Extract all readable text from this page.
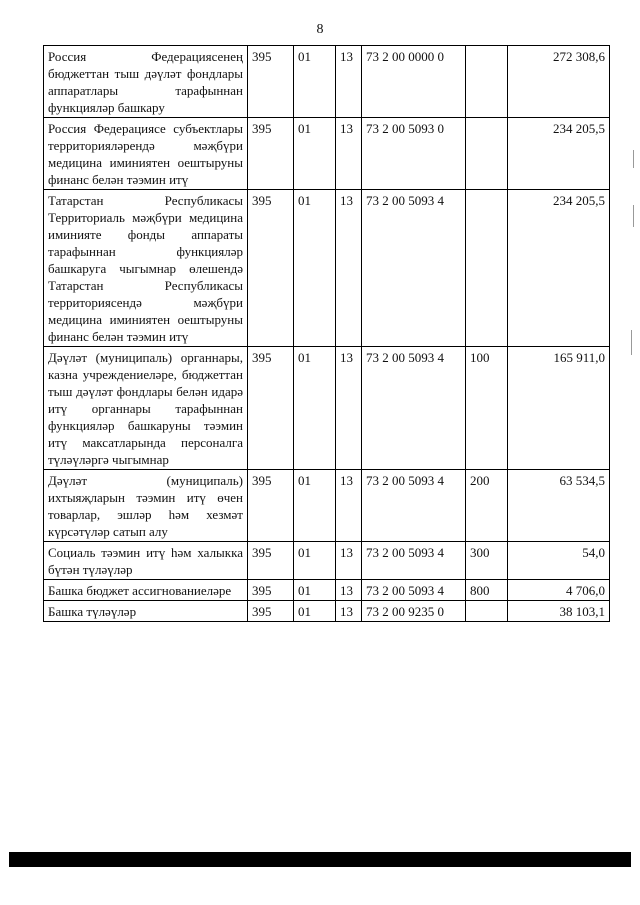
8
Россия Федерациясенең бюджеттан тыш дәүләт фондлары аппаратлары тарафыннан функцияләр башкару	395	01	13	73 2 00 0000 0		272 308,6
Россия Федерациясе субъектлары территорияләрендә мәҗбүри медицина иминиятен оештыруны финанс белән тәэмин итү	395	01	13	73 2 00 5093 0		234 205,5
Татарстан Республикасы Территориаль мәҗбүри медицина иминияте фонды аппараты тарафыннан функцияләр башкаруга чыгымнар өлешендә Татарстан Республикасы территориясендә мәҗбүри медицина иминиятен оештыруны финанс белән тәэмин итү	395	01	13	73 2 00 5093 4		234 205,5
Дәүләт (муниципаль) органнары, казна учреждениеләре, бюджеттан тыш дәүләт фондлары белән идарә итү органнары тарафыннан функцияләр башкаруны тәэмин итү максатларында персоналга түләүләргә чыгымнар	395	01	13	73 2 00 5093 4	100	165 911,0
Дәүләт (муниципаль) ихтыяҗларын тәэмин итү өчен товарлар, эшләр һәм хезмәт күрсәтүләр сатып алу	395	01	13	73 2 00 5093 4	200	63 534,5
Социаль тәэмин итү һәм халыкка бүтән түләүләр	395	01	13	73 2 00 5093 4	300	54,0
Башка бюджет ассигнованиеләре	395	01	13	73 2 00 5093 4	800	4 706,0
Башка түләүләр	395	01	13	73 2 00 9235 0		38 103,1
